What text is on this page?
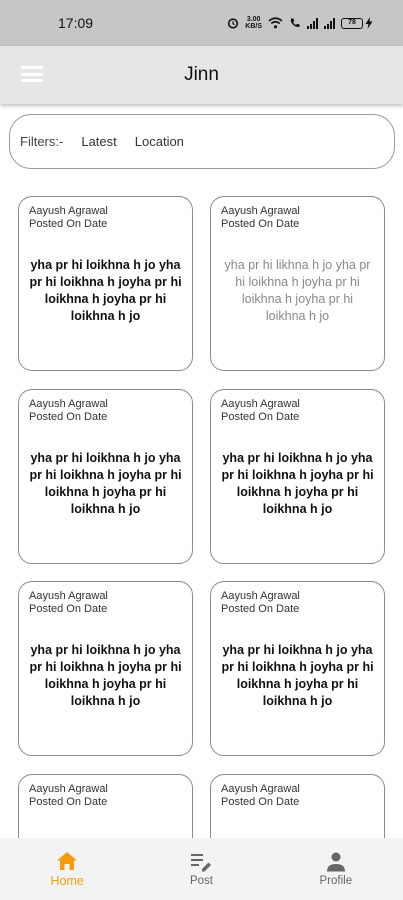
17:09	3.00
KB/S
78
Jinn
Filters:- Latest Location
Aayush Agrawal
Posted On Date
yha pr hi loikhna h jo yha pr hi loikhna h joyha pr hi loikhna h joyha pr hi loikhna h jo
Aayush Agrawal
Posted On Date
yha pr hi likhna h jo yha pr hi loikhna h joyha pr hi loikhna h joyha pr hi loikhna h jo
Aayush Agrawal
Posted On Date
yha pr hi loikhna h jo yha pr hi loikhna h joyha pr hi loikhna h joyha pr hi loikhna h jo
Aayush Agrawal
Posted On Date
yha pr hi loikhna h jo yha pr hi loikhna h joyha pr hi loikhna h joyha pr hi loikhna h jo
Aayush Agrawal
Posted On Date
yha pr hi loikhna h jo yha pr hi loikhna h joyha pr hi loikhna h joyha pr hi loikhna h jo
Aayush Agrawal
Posted On Date
yha pr hi loikhna h jo yha pr hi loikhna h joyha pr hi loikhna h joyha pr hi loikhna h jo
Aayush Agrawal
Posted On Date
Aayush Agrawal
Posted On Date
Home	Post	Profile
